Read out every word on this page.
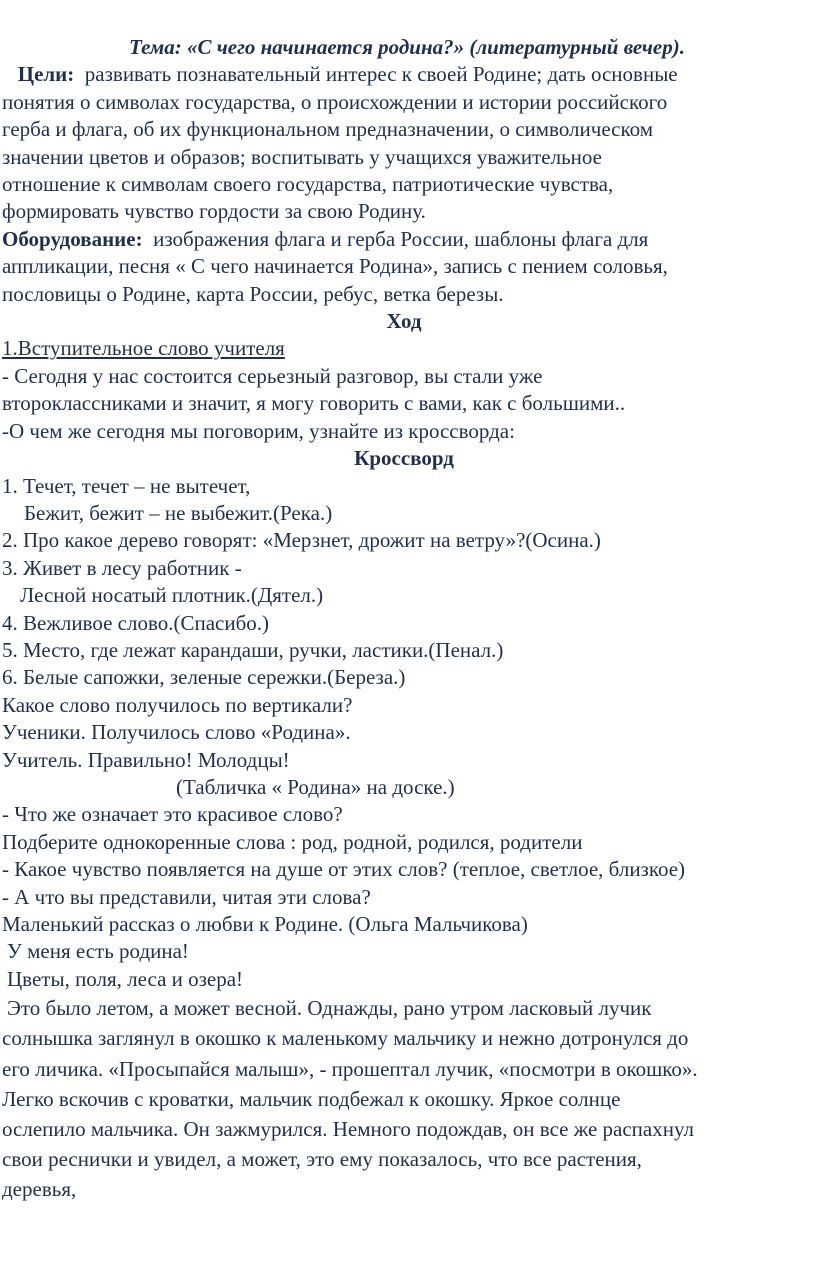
Тема: «С чего начинается родина?» (литературный вечер).

Цели: развивать познавательный интерес к своей Родине; дать основные

понятия о символах государства, о происхождении и истории российского

герба и флага, об их функциональном предназначении, о символическом

значении цветов и образов; воспитывать у учащихся уважительное

отношение к символам своего государства, патриотические чувства,

формировать чувство гордости за свою Родину.

Оборудование: изображения флага и герба России, шаблоны флага для

аппликации, песня « С чего начинается Родина», запись с пением соловья,

пословицы о Родине, карта России, ребус, ветка березы.

Ход

1.Вступительное слово учителя

- Сегодня у нас состоится серьезный разговор, вы стали уже

второклассниками и значит, я могу говорить с вами, как с большими..

-О чем же сегодня мы поговорим, узнайте из кроссворда:

Кроссворд

1. Течет, течет – не вытечет,

Бежит, бежит – не выбежит.(Река.)

2. Про какое дерево говорят: «Мерзнет, дрожит на ветру»?(Осина.)

3. Живет в лесу работник -

Лесной носатый плотник.(Дятел.)

4. Вежливое слово.(Спасибо.)

5. Место, где лежат карандаши, ручки, ластики.(Пенал.)

6. Белые сапожки, зеленые сережки.(Береза.)

Какое слово получилось по вертикали?

Ученики. Получилось слово «Родина».

Учитель. Правильно! Молодцы!

(Табличка « Родина» на доске.)

- Что же означает это красивое слово?

Подберите однокоренные слова : род, родной, родился, родители

- Какое чувство появляется на душе от этих слов? (теплое, светлое, близкое)

- А что вы представили, читая эти слова?

Маленький рассказ о любви к Родине. (Ольга Мальчикова)

У меня есть родина!

Цветы, поля, леса и озера!

Это было летом, а может весной. Однажды, рано утром ласковый лучик

солнышка заглянул в окошко к маленькому мальчику и нежно дотронулся до

его личика. «Просыпайся малыш», - прошептал лучик, «посмотри в окошко».

Легко вскочив с кроватки, мальчик подбежал к окошку. Яркое солнце

ослепило мальчика. Он зажмурился. Немного подождав, он все же распахнул

свои реснички и увидел, а может, это ему показалось, что все растения,

деревья,
